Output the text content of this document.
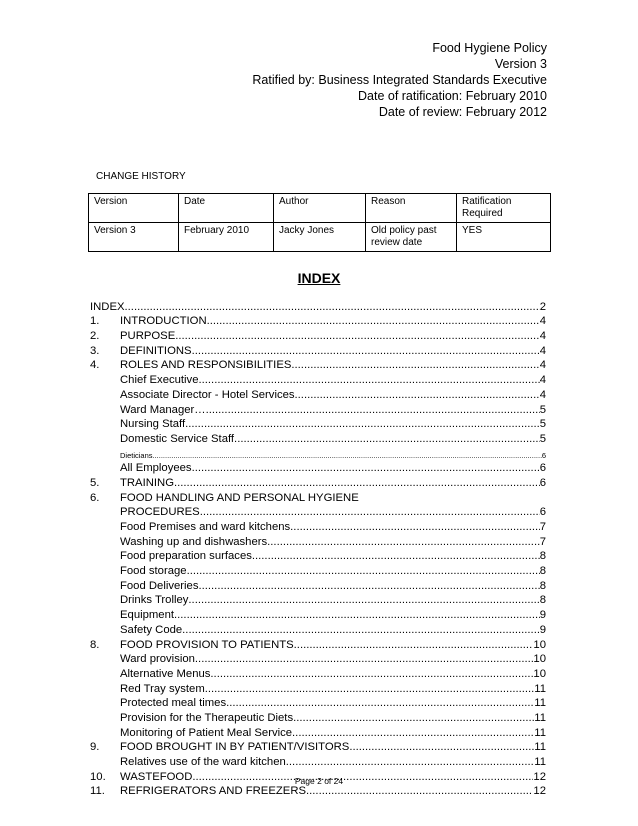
Food Hygiene Policy
Version 3
Ratified by: Business Integrated Standards Executive
Date of ratification: February 2010
Date of review: February 2012
CHANGE HISTORY
Version	Date	Author	Reason	Ratification Required
Version 3	February 2010	Jacky Jones	Old policy past review date	YES
INDEX
INDEX .....	2
1.	INTRODUCTION .....	4
2.	PURPOSE .....	4
3.	DEFINITIONS .....	4
4.	ROLES AND RESPONSIBILITIES .....	4
Chief Executive .....	4
Associate Director - Hotel Services .....	4
Ward Manager… .....	5
Nursing Staff .....	5
Domestic Service Staff. .....	5
Dieticians .....	6
All Employees .....	6
5.	TRAINING .....	6
6.	FOOD HANDLING AND PERSONAL HYGIENE
PROCEDURES .....	6
Food Premises and ward kitchens .....	7
Washing up and dishwashers .....	7
Food preparation surfaces .....	8
Food storage .....	8
Food Deliveries .....	8
Drinks Trolley .....	8
Equipment .....	9
Safety Code .....	9
8.	FOOD PROVISION TO PATIENTS .....	10
Ward provision .....	10
Alternative Menus .....	10
Red Tray system .....	11
Protected meal times .....	11
Provision for the Therapeutic Diets .....	11
Monitoring of Patient Meal Service .....	11
9.	FOOD BROUGHT IN BY PATIENT/VISITORS .....	11
Relatives use of the ward kitchen. .....	11
10.	WASTEFOOD .....	12
11.	REFRIGERATORS AND FREEZERS .....	12
Page 2 of 24
